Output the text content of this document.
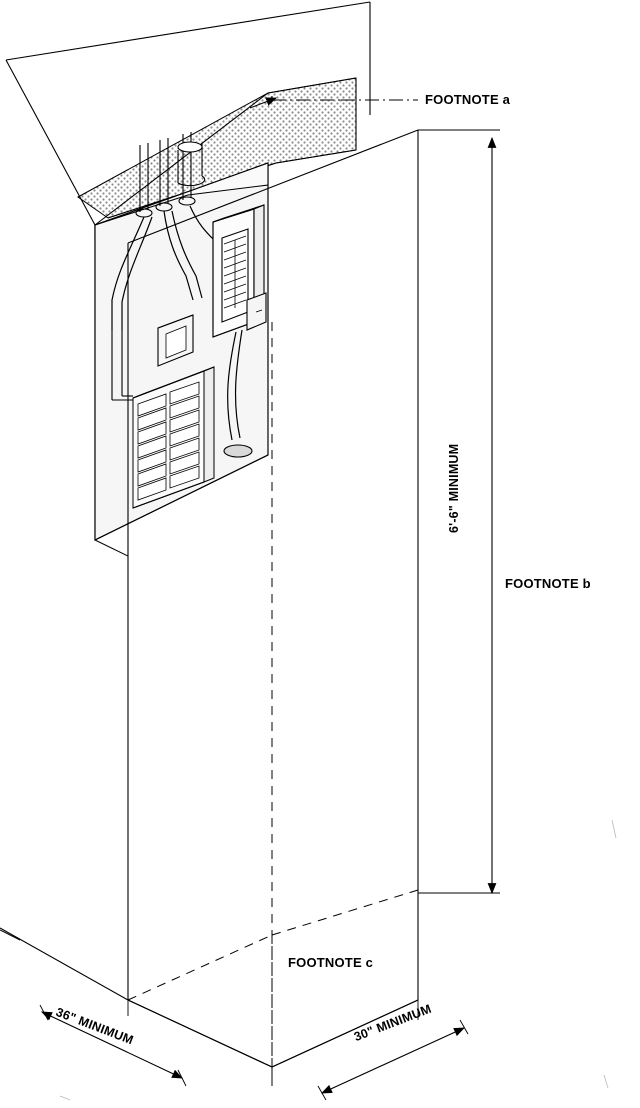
FOOTNOTE a
FOOTNOTE b
FOOTNOTE c
6'-6" MINIMUM
36" MINIMUM	30" MINIMUM
